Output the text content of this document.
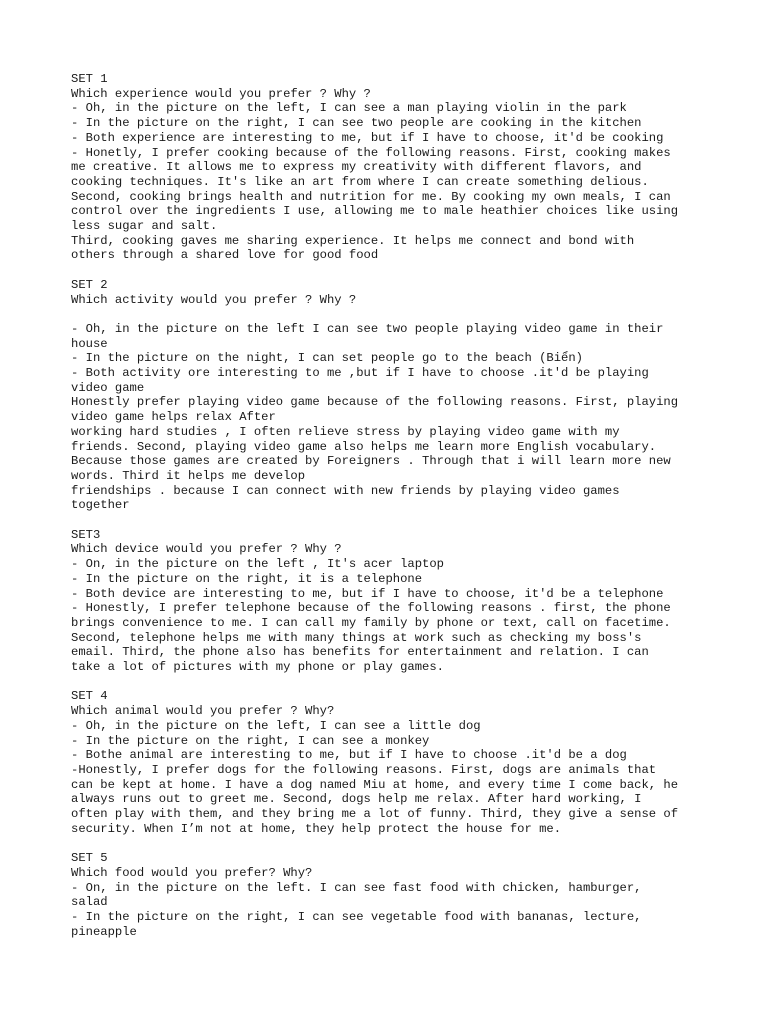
SET 1
Which experience would you prefer ? Why ?
- Oh, in the picture on the left, I can see a man playing violin in the park
- In the picture on the right, I can see two people are cooking in the kitchen
- Both experience are interesting to me, but if I have to choose, it'd be cooking
- Honetly, I prefer cooking because of the following reasons. First, cooking makes
me creative. It allows me to express my creativity with different flavors, and
cooking techniques. It's like an art from where I can create something delious.
Second, cooking brings health and nutrition for me. By cooking my own meals, I can
control over the ingredients I use, allowing me to male heathier choices like using
less sugar and salt.
Third, cooking gaves me sharing experience. It helps me connect and bond with
others through a shared love for good food
SET 2
Which activity would you prefer ? Why ?
- Oh, in the picture on the left I can see two people playing video game in their
house
- In the picture on the night, I can set people go to the beach (Biển)
- Both activity ore interesting to me ,but if I have to choose .it'd be playing
video game
Honestly prefer playing video game because of the following reasons. First, playing
video game helps relax After
working hard studies , I often relieve stress by playing video game with my
friends. Second, playing video game also helps me learn more English vocabulary.
Because those games are created by Foreigners . Through that i will learn more new
words. Third it helps me develop
friendships . because I can connect with new friends by playing video games
together
SET3
Which device would you prefer ? Why ?
- On, in the picture on the left , It's acer laptop
- In the picture on the right, it is a telephone
- Both device are interesting to me, but if I have to choose, it'd be a telephone
- Honestly, I prefer telephone because of the following reasons . first, the phone
brings convenience to me. I can call my family by phone or text, call on facetime.
Second, telephone helps me with many things at work such as checking my boss's
email. Third, the phone also has benefits for entertainment and relation. I can
take a lot of pictures with my phone or play games.
SET 4
Which animal would you prefer ? Why?
- Oh, in the picture on the left, I can see a little dog
- In the picture on the right, I can see a monkey
- Bothe animal are interesting to me, but if I have to choose .it'd be a dog
-Honestly, I prefer dogs for the following reasons. First, dogs are animals that
can be kept at home. I have a dog named Miu at home, and every time I come back, he
always runs out to greet me. Second, dogs help me relax. After hard working, I
often play with them, and they bring me a lot of funny. Third, they give a sense of
security. When I’m not at home, they help protect the house for me.
SET 5
Which food would you prefer? Why?
- On, in the picture on the left. I can see fast food with chicken, hamburger,
salad
- In the picture on the right, I can see vegetable food with bananas, lecture,
pineapple
